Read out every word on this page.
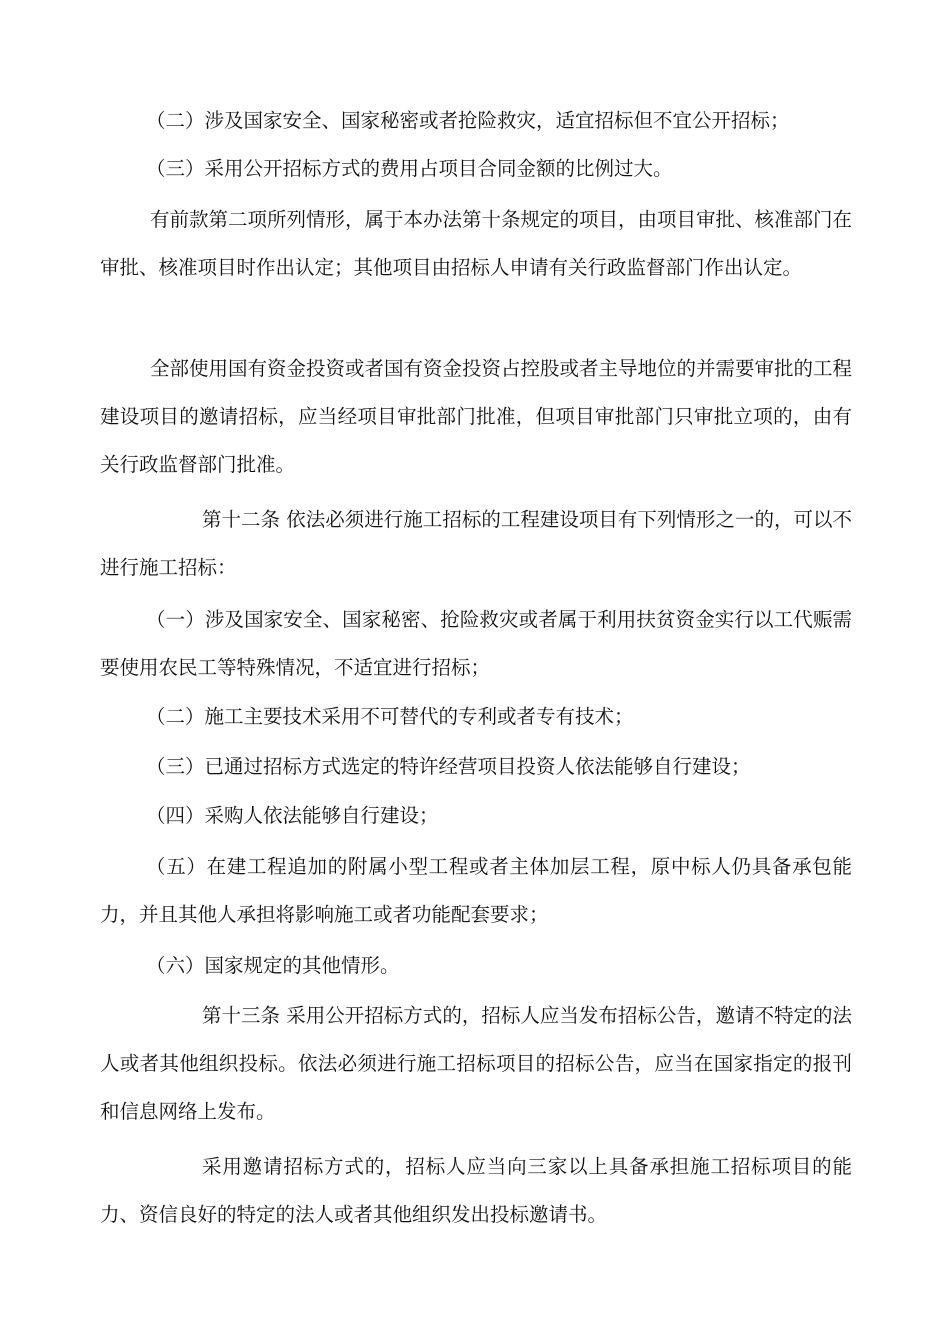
（二）涉及国家安全、国家秘密或者抢险救灾，适宜招标但不宜公开招标；

（三）采用公开招标方式的费用占项目合同金额的比例过大。

有前款第二项所列情形，属于本办法第十条规定的项目，由项目审批、核准部门在审批、核准项目时作出认定；其他项目由招标人申请有关行政监督部门作出认定。

全部使用国有资金投资或者国有资金投资占控股或者主导地位的并需要审批的工程建设项目的邀请招标，应当经项目审批部门批准，但项目审批部门只审批立项的，由有关行政监督部门批准。

第十二条 依法必须进行施工招标的工程建设项目有下列情形之一的，可以不进行施工招标：

（一）涉及国家安全、国家秘密、抢险救灾或者属于利用扶贫资金实行以工代赈需要使用农民工等特殊情况，不适宜进行招标；

（二）施工主要技术采用不可替代的专利或者专有技术；

（三）已通过招标方式选定的特许经营项目投资人依法能够自行建设；

（四）采购人依法能够自行建设；

（五）在建工程追加的附属小型工程或者主体加层工程，原中标人仍具备承包能力，并且其他人承担将影响施工或者功能配套要求；

（六）国家规定的其他情形。

第十三条 采用公开招标方式的，招标人应当发布招标公告，邀请不特定的法人或者其他组织投标。依法必须进行施工招标项目的招标公告，应当在国家指定的报刊和信息网络上发布。

采用邀请招标方式的，招标人应当向三家以上具备承担施工招标项目的能力、资信良好的特定的法人或者其他组织发出投标邀请书。
